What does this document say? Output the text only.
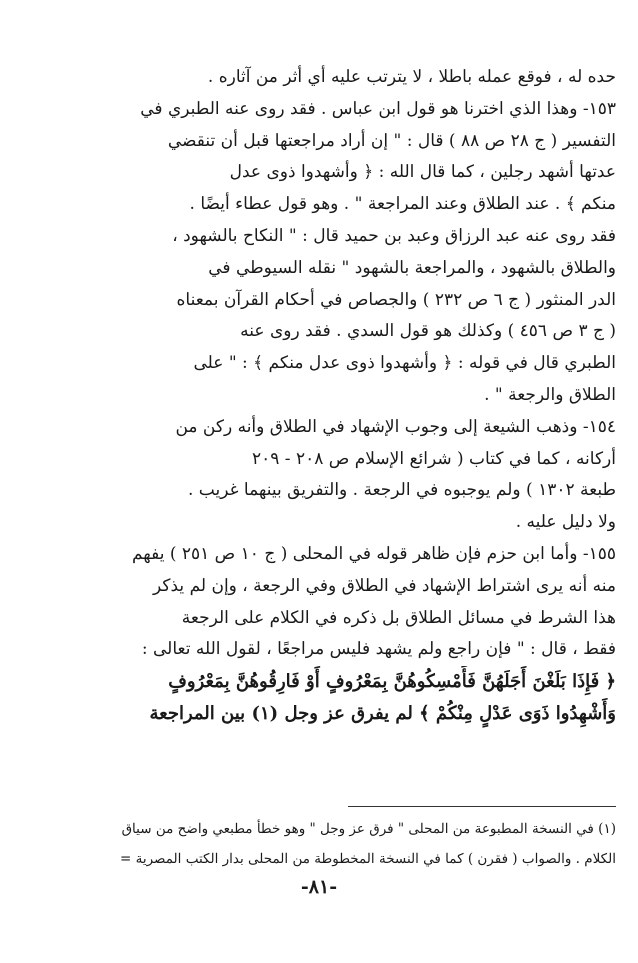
حده له ، فوقع عمله باطلا ، لا يترتب عليه أي أثر من آثاره .
١٥٣- وهذا الذي اخترنا هو قول ابن عباس . فقد روى عنه الطبري في
التفسير ( ج ٢٨ ص ٨٨ ) قال : " إن أراد مراجعتها قبل أن تنقضي
عدتها أشهد رجلين ، كما قال الله : ﴿ وأشهدوا ذوى عدل
منكم ﴾ . عند الطلاق وعند المراجعة " . وهو قول عطاء أيضًا .
فقد روى عنه عبد الرزاق وعبد بن حميد قال : " النكاح بالشهود ،
والطلاق بالشهود ، والمراجعة بالشهود " نقله السيوطي في
الدر المنثور ( ج ٦ ص ٢٣٢ ) والجصاص في أحكام القرآن بمعناه
( ج ٣ ص ٤٥٦ ) وكذلك هو قول السدي . فقد روى عنه
الطبري قال في قوله : ﴿ وأشهدوا ذوى عدل منكم ﴾ : " على
الطلاق والرجعة " .
١٥٤- وذهب الشيعة إلى وجوب الإشهاد في الطلاق وأنه ركن من
أركانه ، كما في كتاب ( شرائع الإسلام ص ٢٠٨ - ٢٠٩
طبعة ١٣٠٢ ) ولم يوجبوه في الرجعة . والتفريق بينهما غريب .
ولا دليل عليه .
١٥٥- وأما ابن حزم فإن ظاهر قوله في المحلى ( ج ١٠ ص ٢٥١ ) يفهم
منه أنه يرى اشتراط الإشهاد في الطلاق وفي الرجعة ، وإن لم يذكر
هذا الشرط في مسائل الطلاق بل ذكره في الكلام على الرجعة
فقط ، قال : " فإن راجع ولم يشهد فليس مراجعًا ، لقول الله تعالى :
﴿ فَإِذَا بَلَغْنَ أَجَلَهُنَّ فَأَمْسِكُوهُنَّ بِمَعْرُوفٍ أَوْ فَارِقُوهُنَّ بِمَعْرُوفٍ
وَأَشْهِدُوا ذَوَى عَدْلٍ مِنْكُمْ ﴾ لم يفرق عز وجل (١) بين المراجعة
(١) في النسخة المطبوعة من المحلى " فرق عز وجل " وهو خطأ مطبعي واضح من سياق
الكلام . والصواب ( فقرن ) كما في النسخة المخطوطة من المحلى بدار الكتب المصرية =
-٨١-
